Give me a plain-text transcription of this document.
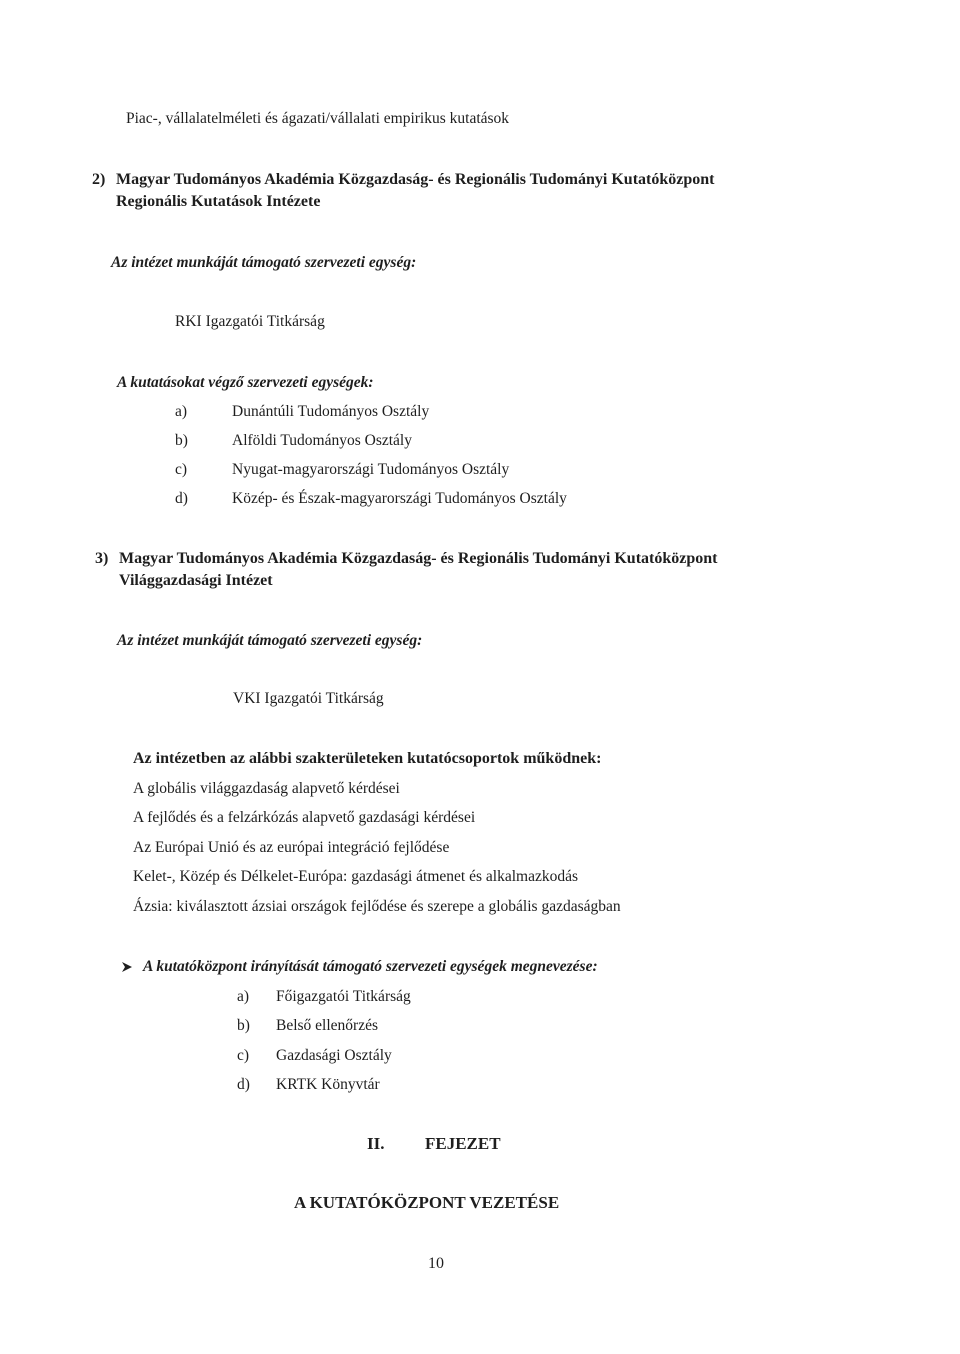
Piac-, vállalatelméleti és ágazati/vállalati empirikus kutatások
2) Magyar Tudományos Akadémia Közgazdaság- és Regionális Tudományi Kutatóközpont
Regionális Kutatások Intézete
Az intézet munkáját támogató szervezeti egység:
RKI Igazgatói Titkárság
A kutatásokat végző szervezeti egységek:
a)	Dunántúli Tudományos Osztály
b)	Alföldi Tudományos Osztály
c)	Nyugat-magyarországi Tudományos Osztály
d)	Közép- és Észak-magyarországi Tudományos Osztály
3) Magyar Tudományos Akadémia Közgazdaság- és Regionális Tudományi Kutatóközpont
Világgazdasági Intézet
Az intézet munkáját támogató szervezeti egység:
VKI Igazgatói Titkárság
Az intézetben az alábbi szakterületeken kutatócsoportok működnek:
A globális világgazdaság alapvető kérdései
A fejlődés és a felzárkózás alapvető gazdasági kérdései
Az Európai Unió és az európai integráció fejlődése
Kelet-, Közép és Délkelet-Európa: gazdasági átmenet és alkalmazkodás
Ázsia: kiválasztott ázsiai országok fejlődése és szerepe a globális gazdaságban
A kutatóközpont irányítását támogató szervezeti egységek megnevezése:
a) Főigazgatói Titkárság
b) Belső ellenőrzés
c) Gazdasági Osztály
d) KRTK Könyvtár
II. FEJEZET
A KUTATÓKÖZPONT VEZETÉSE
10
